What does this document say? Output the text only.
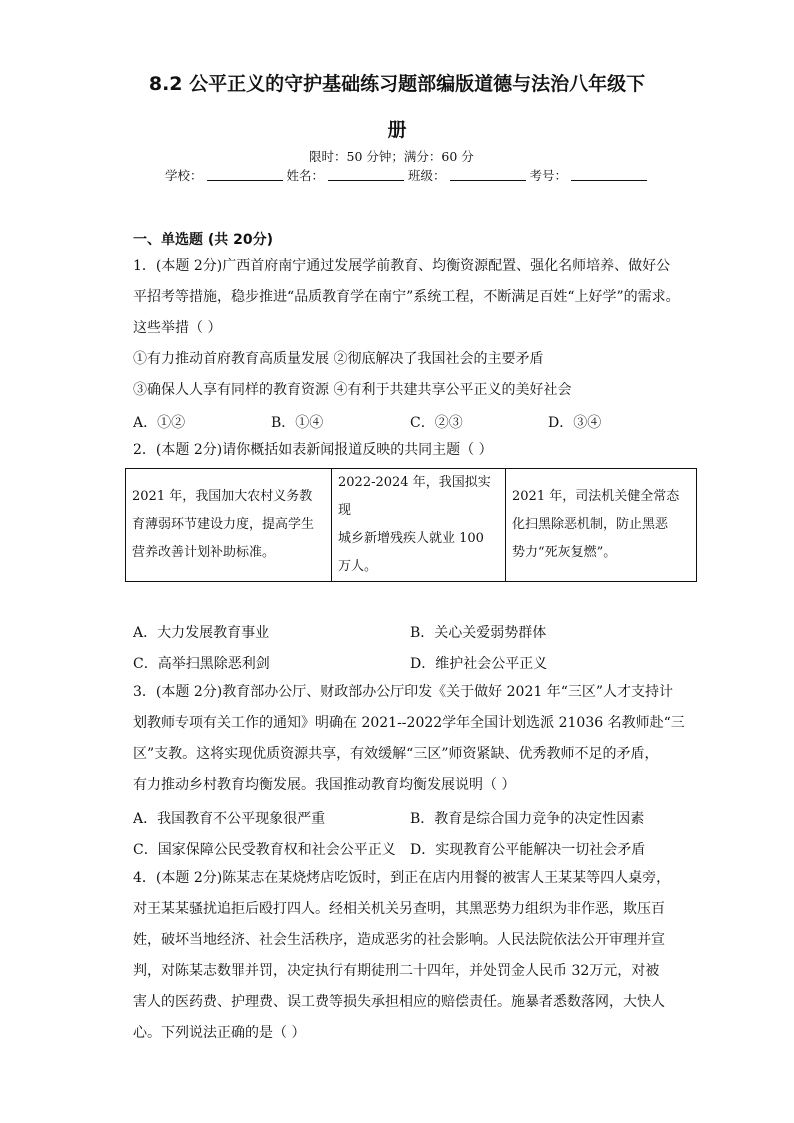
8.2 公平正义的守护基础练习题部编版道德与法治八年级下
册
限时：50 分钟；满分：60 分
学校：	姓名：	班级：	考号：
一、单选题 (共 20分)
1．(本题 2分)广西首府南宁通过发展学前教育、均衡资源配置、强化名师培养、做好公
平招考等措施，稳步推进“品质教育学在南宁”系统工程，不断满足百姓“上好学”的需求。
这些举措（ ）
①有力推动首府教育高质量发展 ②彻底解决了我国社会的主要矛盾
③确保人人享有同样的教育资源 ④有利于共建共享公平正义的美好社会
A．①②	B．①④	C．②③	D．③④
2．(本题 2分)请你概括如表新闻报道反映的共同主题（ ）
2021 年，我国加大农村义务教
育薄弱环节建设力度，提高学生
营养改善计划补助标准。

2022-2024 年，我国拟实现
城乡新增残疾人就业 100
万人。

2021 年，司法机关健全常态
化扫黑除恶机制，防止黑恶
势力“死灰复燃”。
A．大力发展教育事业	B．关心关爱弱势群体
C．高举扫黑除恶利剑	D．维护社会公平正义
3．(本题 2分)教育部办公厅、财政部办公厅印发《关于做好 2021 年“三区”人才支持计
划教师专项有关工作的通知》明确在 2021--2022学年全国计划选派 21036 名教师赴“三
区”支教。这将实现优质资源共享，有效缓解“三区”师资紧缺、优秀教师不足的矛盾，
有力推动乡村教育均衡发展。我国推动教育均衡发展说明（ ）
A．我国教育不公平现象很严重	B．教育是综合国力竞争的决定性因素
C．国家保障公民受教育权和社会公平正义 D．实现教育公平能解决一切社会矛盾
4．(本题 2分)陈某志在某烧烤店吃饭时，到正在店内用餐的被害人王某某等四人桌旁，
对王某某骚扰追拒后殴打四人。经相关机关另查明，其黑恶势力组织为非作恶，欺压百
姓，破坏当地经济、社会生活秩序，造成恶劣的社会影响。人民法院依法公开审理并宣
判，对陈某志数罪并罚，决定执行有期徒刑二十四年，并处罚金人民币 32万元，对被
害人的医药费、护理费、误工费等损失承担相应的赔偿责任。施暴者悉数落网，大快人
心。下列说法正确的是（ ）
